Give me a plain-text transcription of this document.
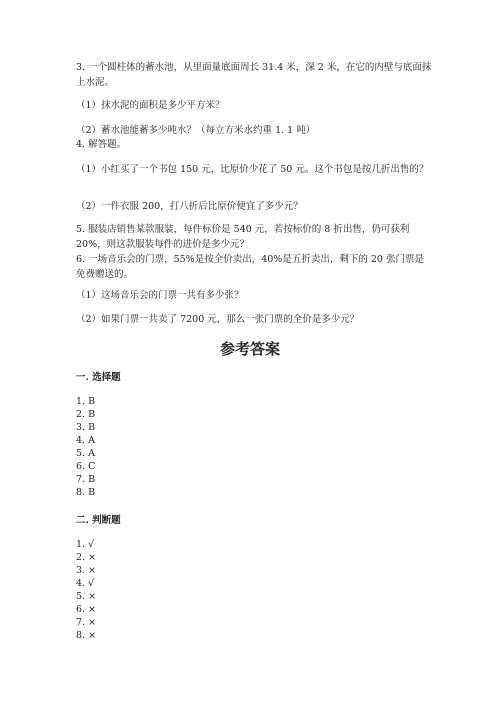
3. 一个圆柱体的蓄水池，从里面量底面周长 31.4 米，深 2 米，在它的内壁与底面抹上水泥。

（1）抹水泥的面积是多少平方米？

（2）蓄水池能蓄多少吨水？（每立方米水约重 1. 1 吨）

4. 解答题。

（1）小红买了一个书包 150 元，比原价少花了 50 元。这个书包是按几折出售的？

（2）一件衣服 200，打八折后比原价便宜了多少元？

5. 服装店销售某款服装，每件标价是 540 元，若按标价的 8 折出售，仍可获利 20%，则这款服装每件的进价是多少元？

6. 一场音乐会的门票，55%是按全价卖出，40%是五折卖出，剩下的 20 张门票是免费赠送的。

（1）这场音乐会的门票一共有多少张？

（2）如果门票一共卖了 7200 元，那么一张门票的全价是多少元？

参考答案
一. 选择题
1. B
2. B
3. B
4. A
5. A
6. C
7. B
8. B
二. 判断题
1. √
2. ×
3. ×
4. √
5. ×
6. ×
7. ×
8. ×
